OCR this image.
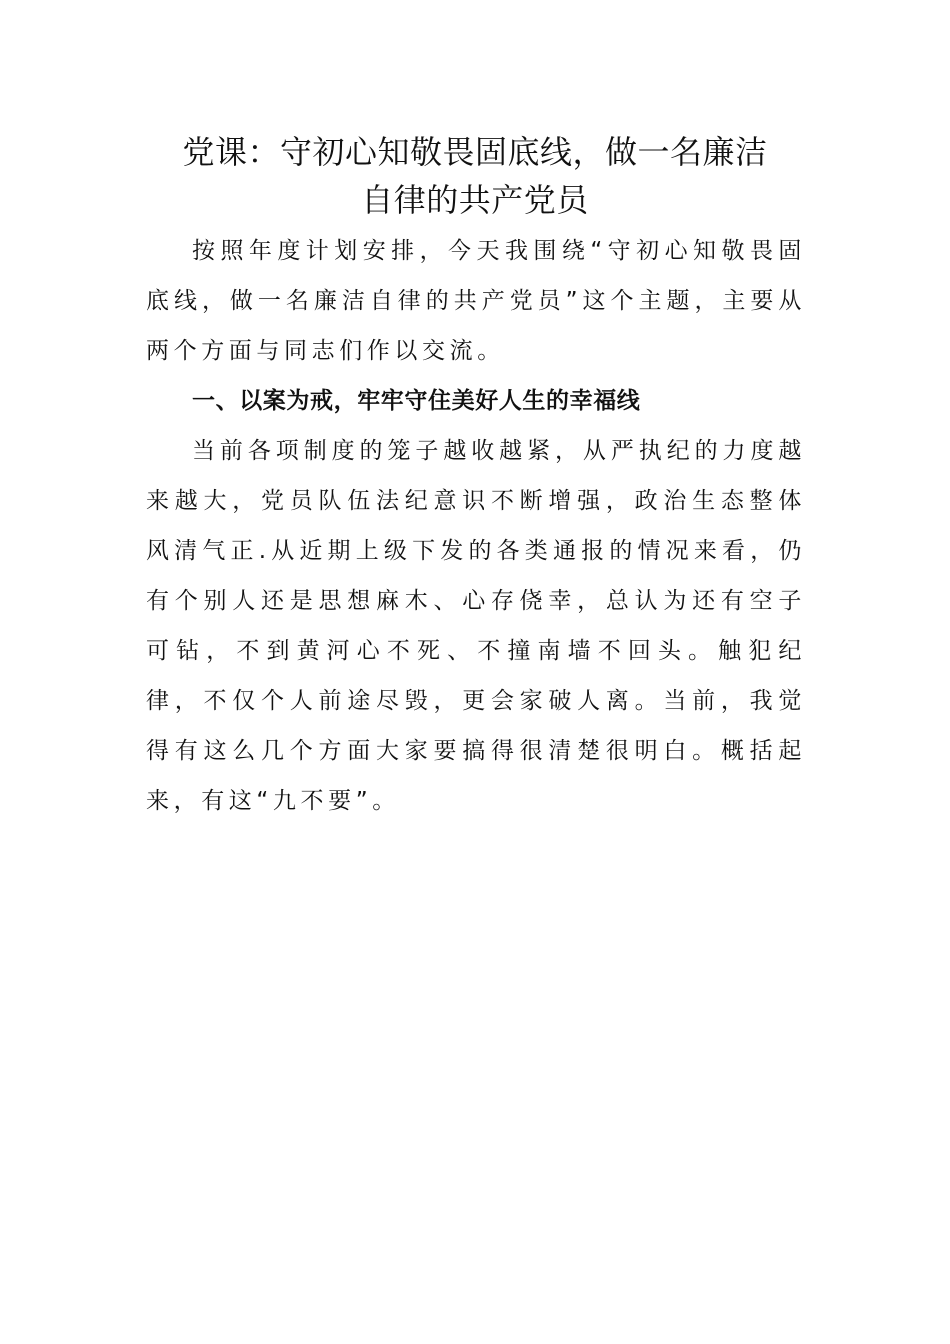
党课：守初心知敬畏固底线，做一名廉洁
自律的共产党员

按照年度计划安排，今天我围绕“守初心知敬畏固底线，做一名廉洁自律的共产党员”这个主题，主要从两个方面与同志们作以交流。

一、以案为戒，牢牢守住美好人生的幸福线

当前各项制度的笼子越收越紧，从严执纪的力度越来越大，党员队伍法纪意识不断增强，政治生态整体风清气正.从近期上级下发的各类通报的情况来看，仍有个别人还是思想麻木、心存侥幸，总认为还有空子可钻，不到黄河心不死、不撞南墙不回头。触犯纪律，不仅个人前途尽毁，更会家破人离。当前，我觉得有这么几个方面大家要搞得很清楚很明白。概括起来，有这“九不要”。
